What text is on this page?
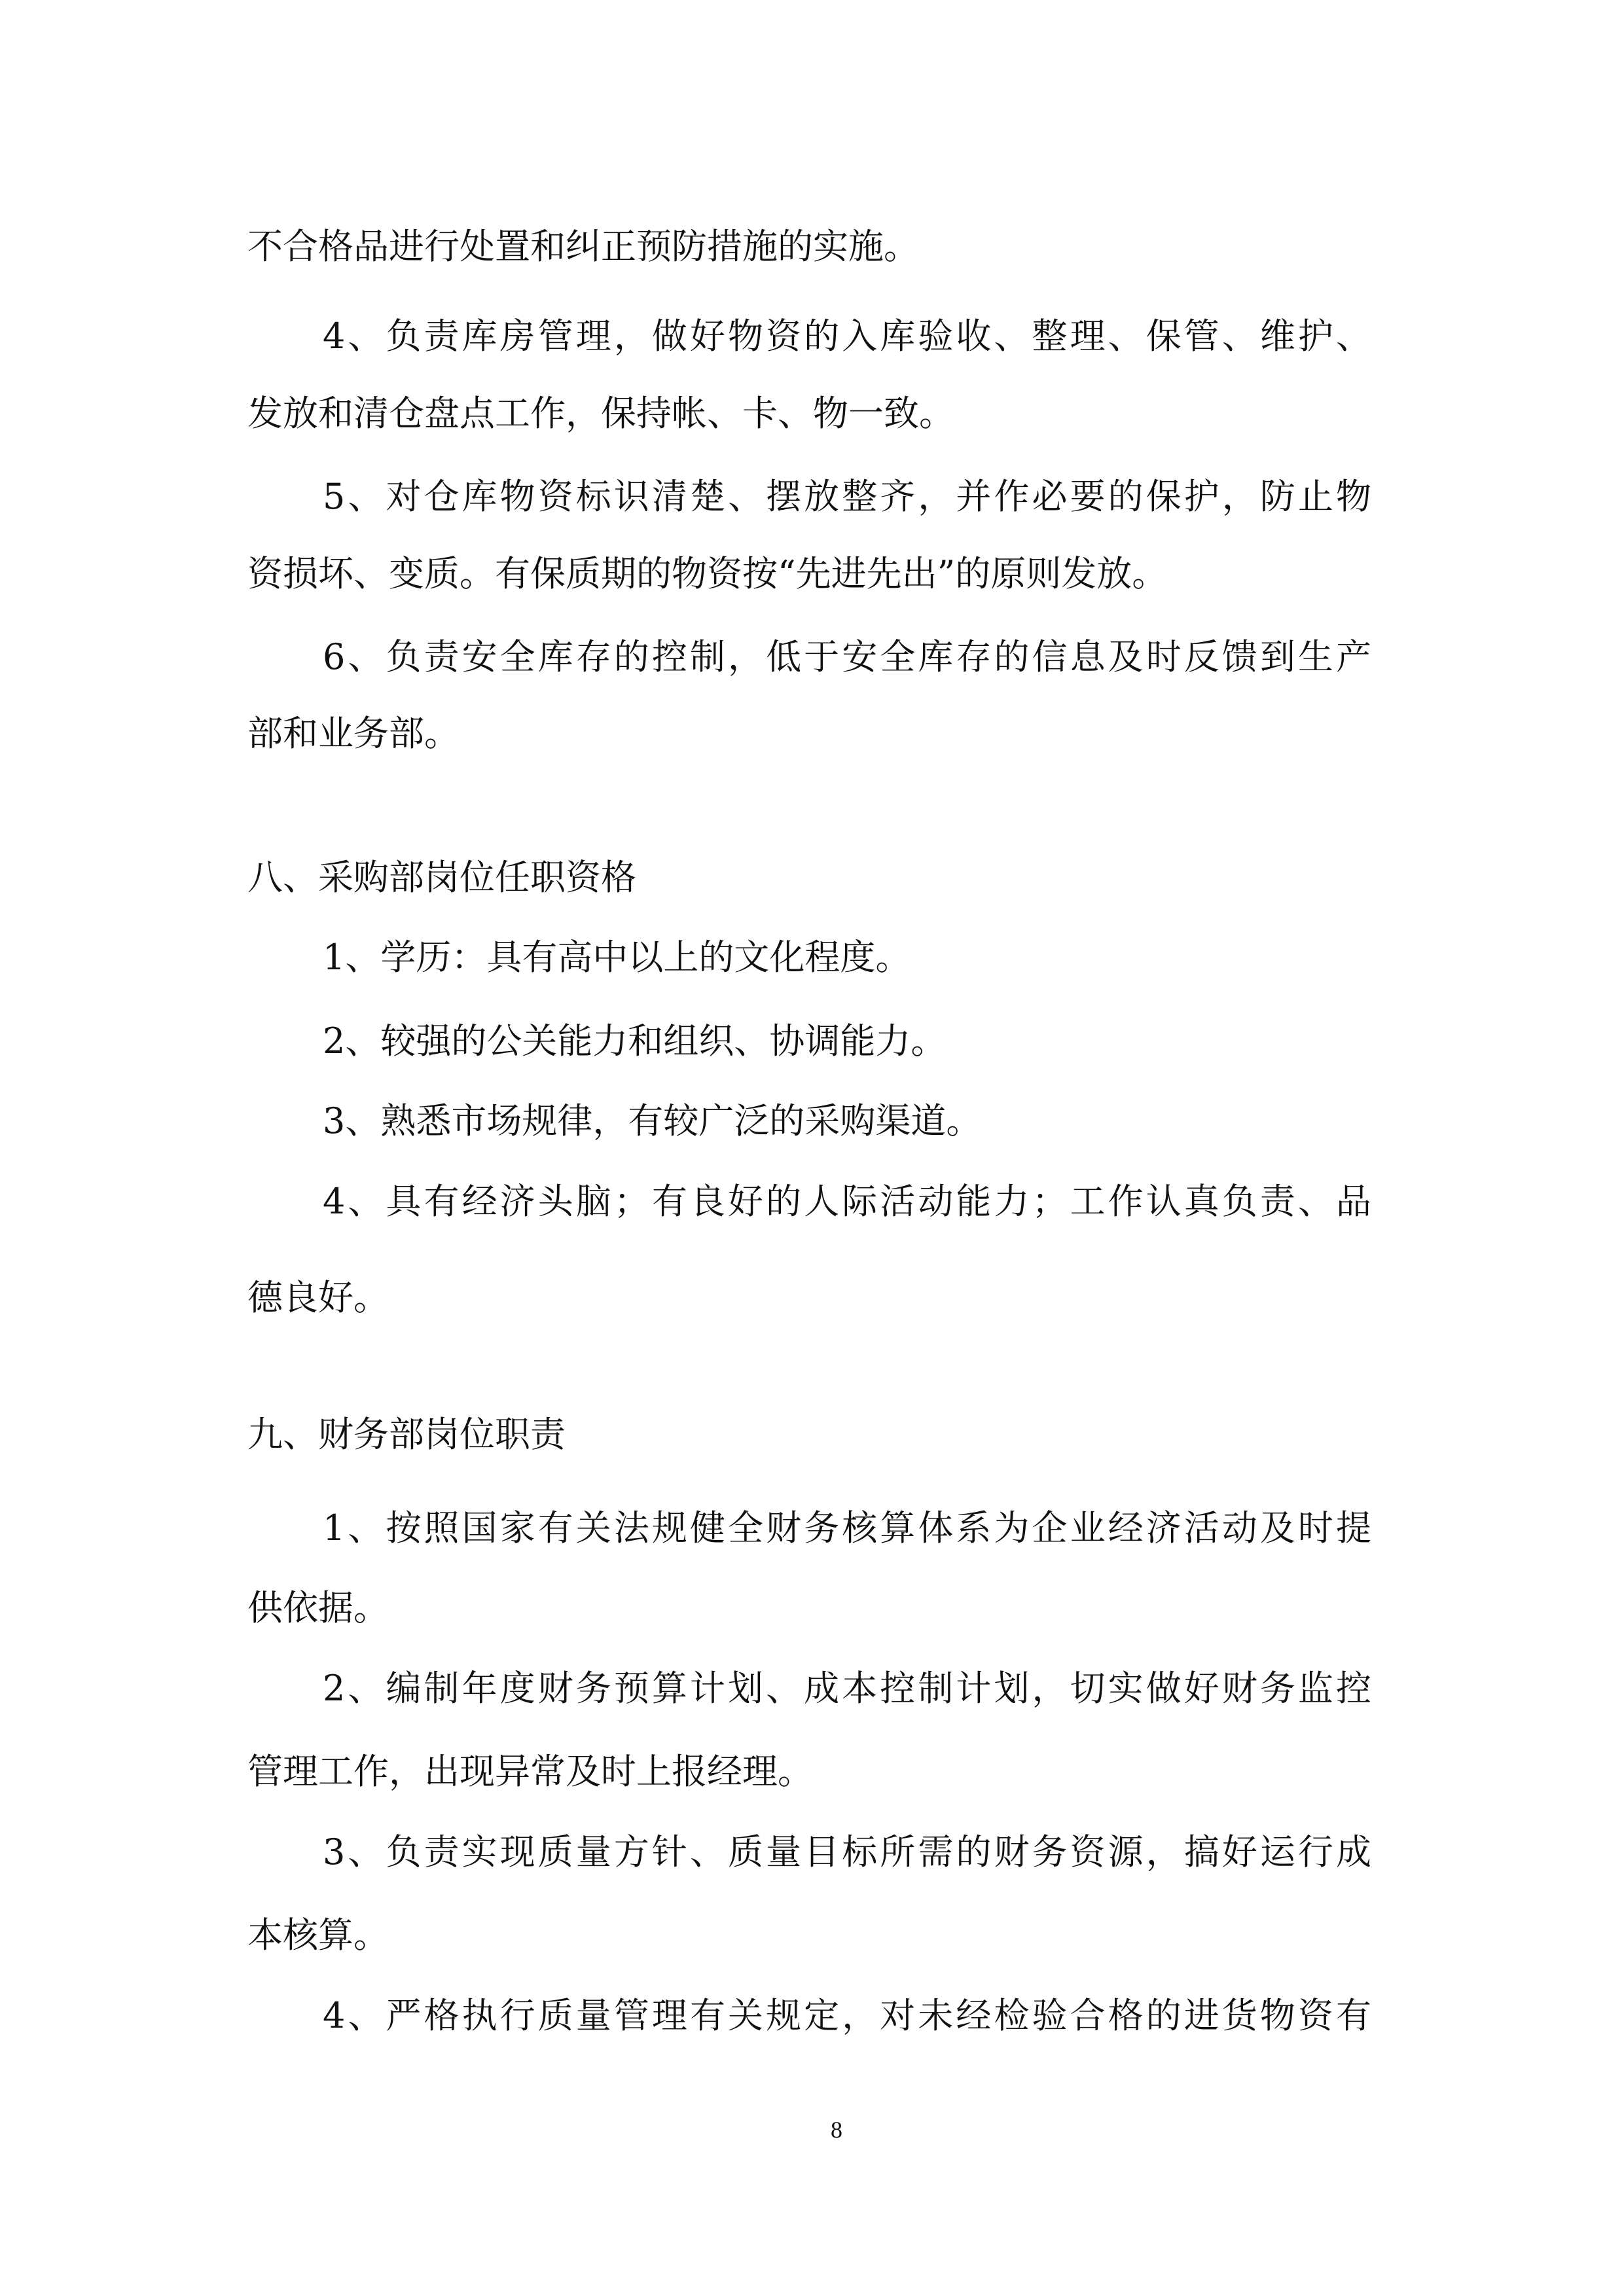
不合格品进行处置和纠正预防措施的实施。
4、负责库房管理，做好物资的入库验收、整理、保管、维护、
发放和清仓盘点工作，保持帐、卡、物一致。
5、对仓库物资标识清楚、摆放整齐，并作必要的保护，防止物
资损坏、变质。有保质期的物资按“先进先出”的原则发放。
6、负责安全库存的控制，低于安全库存的信息及时反馈到生产
部和业务部。
八、采购部岗位任职资格
1、学历：具有高中以上的文化程度。
2、较强的公关能力和组织、协调能力。
3、熟悉市场规律，有较广泛的采购渠道。
4、具有经济头脑；有良好的人际活动能力；工作认真负责、品
德良好。
九、财务部岗位职责
1、按照国家有关法规健全财务核算体系为企业经济活动及时提
供依据。
2、编制年度财务预算计划、成本控制计划，切实做好财务监控
管理工作，出现异常及时上报经理。
3、负责实现质量方针、质量目标所需的财务资源，搞好运行成
本核算。
4、严格执行质量管理有关规定，对未经检验合格的进货物资有
8
